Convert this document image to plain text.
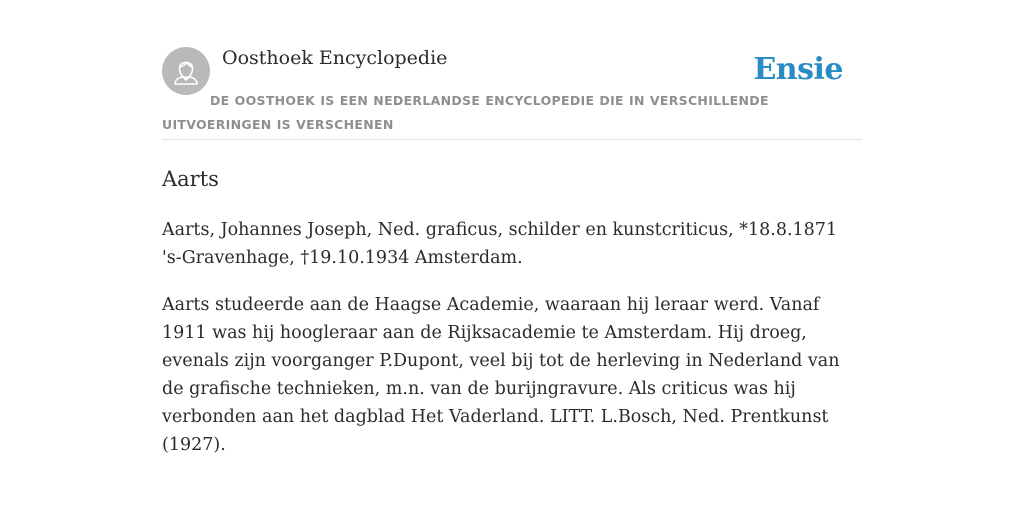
Oosthoek Encyclopedie	Ensie
DE OOSTHOEK IS EEN NEDERLANDSE ENCYCLOPEDIE DIE IN VERSCHILLENDE UITVOERINGEN IS VERSCHENEN
Aarts

Aarts, Johannes Joseph, Ned. graficus, schilder en kunstcriticus, *18.8.1871 's-Gravenhage, †19.10.1934 Amsterdam.

Aarts studeerde aan de Haagse Academie, waaraan hij leraar werd. Vanaf 1911 was hij hoogleraar aan de Rijksacademie te Amsterdam. Hij droeg, evenals zijn voorganger P.Dupont, veel bij tot de herleving in Nederland van de grafische technieken, m.n. van de burijngravure. Als criticus was hij verbonden aan het dagblad Het Vaderland. LITT. L.Bosch, Ned. Prentkunst (1927).
